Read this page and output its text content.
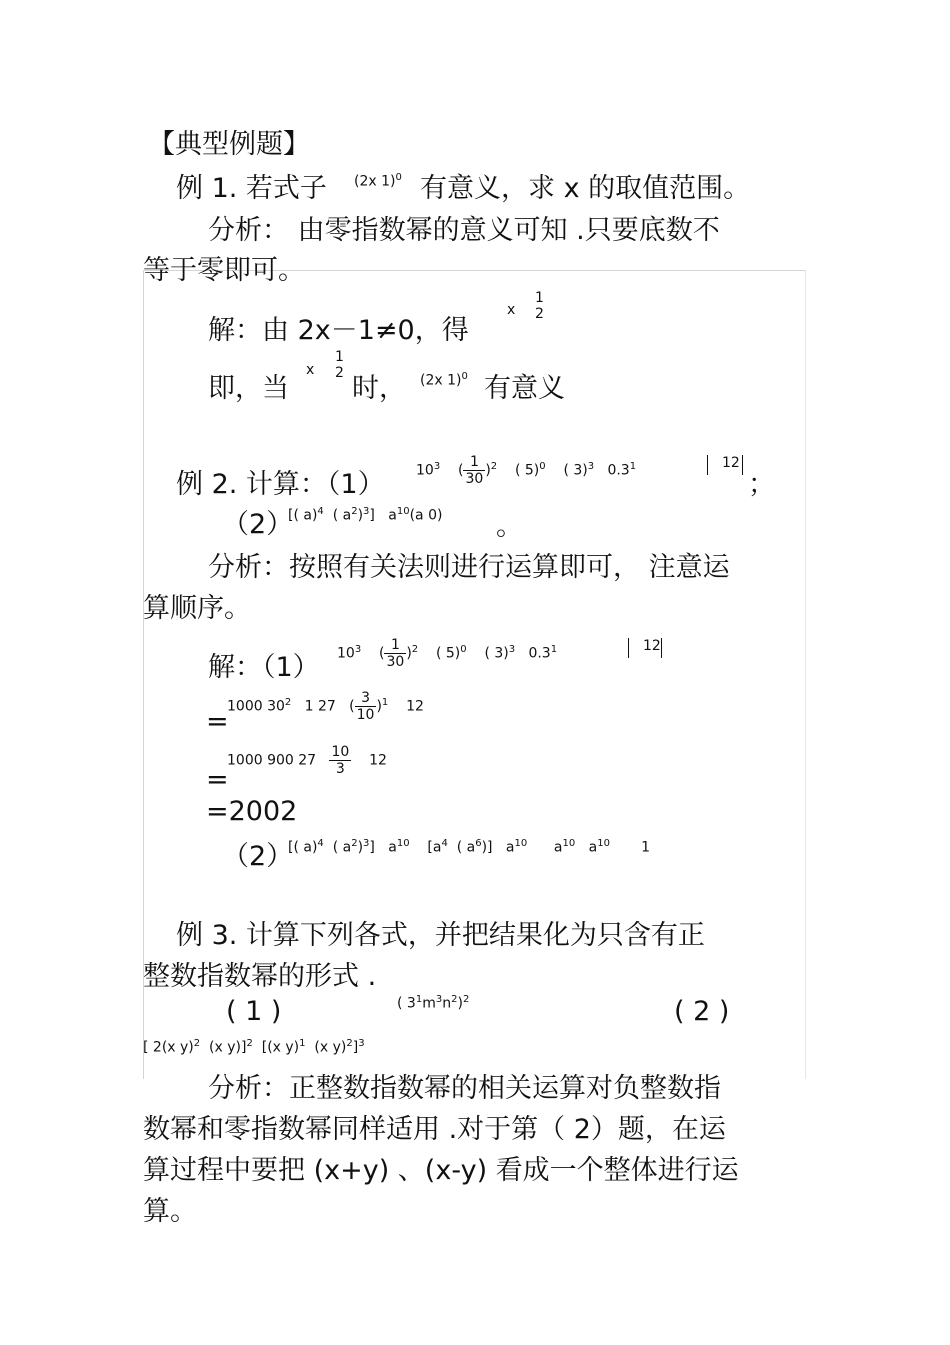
【典型例题】
例 1. 若式子 (2x 1)$^0$ 有意义，求 x 的取值范围。
分析： 由零指数幂的意义可知 .只要底数不
等于零即可。
解：由 2x－1≠0，得
x
1
2
即，当
x
1
2 时， (2x 1)$^0$ 有意义
例 2. 计算：（1） $10^3$ ( $\frac{1}{30} )^2$ ( 5)$^0$ ( 3)$^3$ $0.3^1$	12
；
（2）
[( a)$^4$ ( $a^2)^3$] $a^{10}(a$ 0) 。
分析：按照有关法则进行运算即可， 注意运
算顺序。
解：（1） $10^3$ ( $\frac{1}{30} )^2$ ( 5)$^0$ ( 3)$^3$ $0.3^1$	12
=
1000 $30^2$ 1 27   ( $\frac{3}{10} )^1$ 12
=
1000 900 $27 \frac{10}{3} 12$
=2002
（2）
[( a)$^4$ ( $a^2)^3$] $a^{10}$ [$a^4$ ( $a^6$)] $a^{10}$ $a^{10}$ $a^{10}$ 1
例 3. 计算下列各式，并把结果化为只含有正
整数指数幂的形式 .
( 1 )	( $3^1m^3n^2)^2$	( 2 )
[ 2(x y)$^2$ (x y)]$^2$ [(x y)$^1$ (x y)$^2$]$^3$
分析：正整数指数幂的相关运算对负整数指
数幂和零指数幂同样适用 .对于第（ 2）题，在运
算过程中要把 (x+y) 、(x-y) 看成一个整体进行运
算。
